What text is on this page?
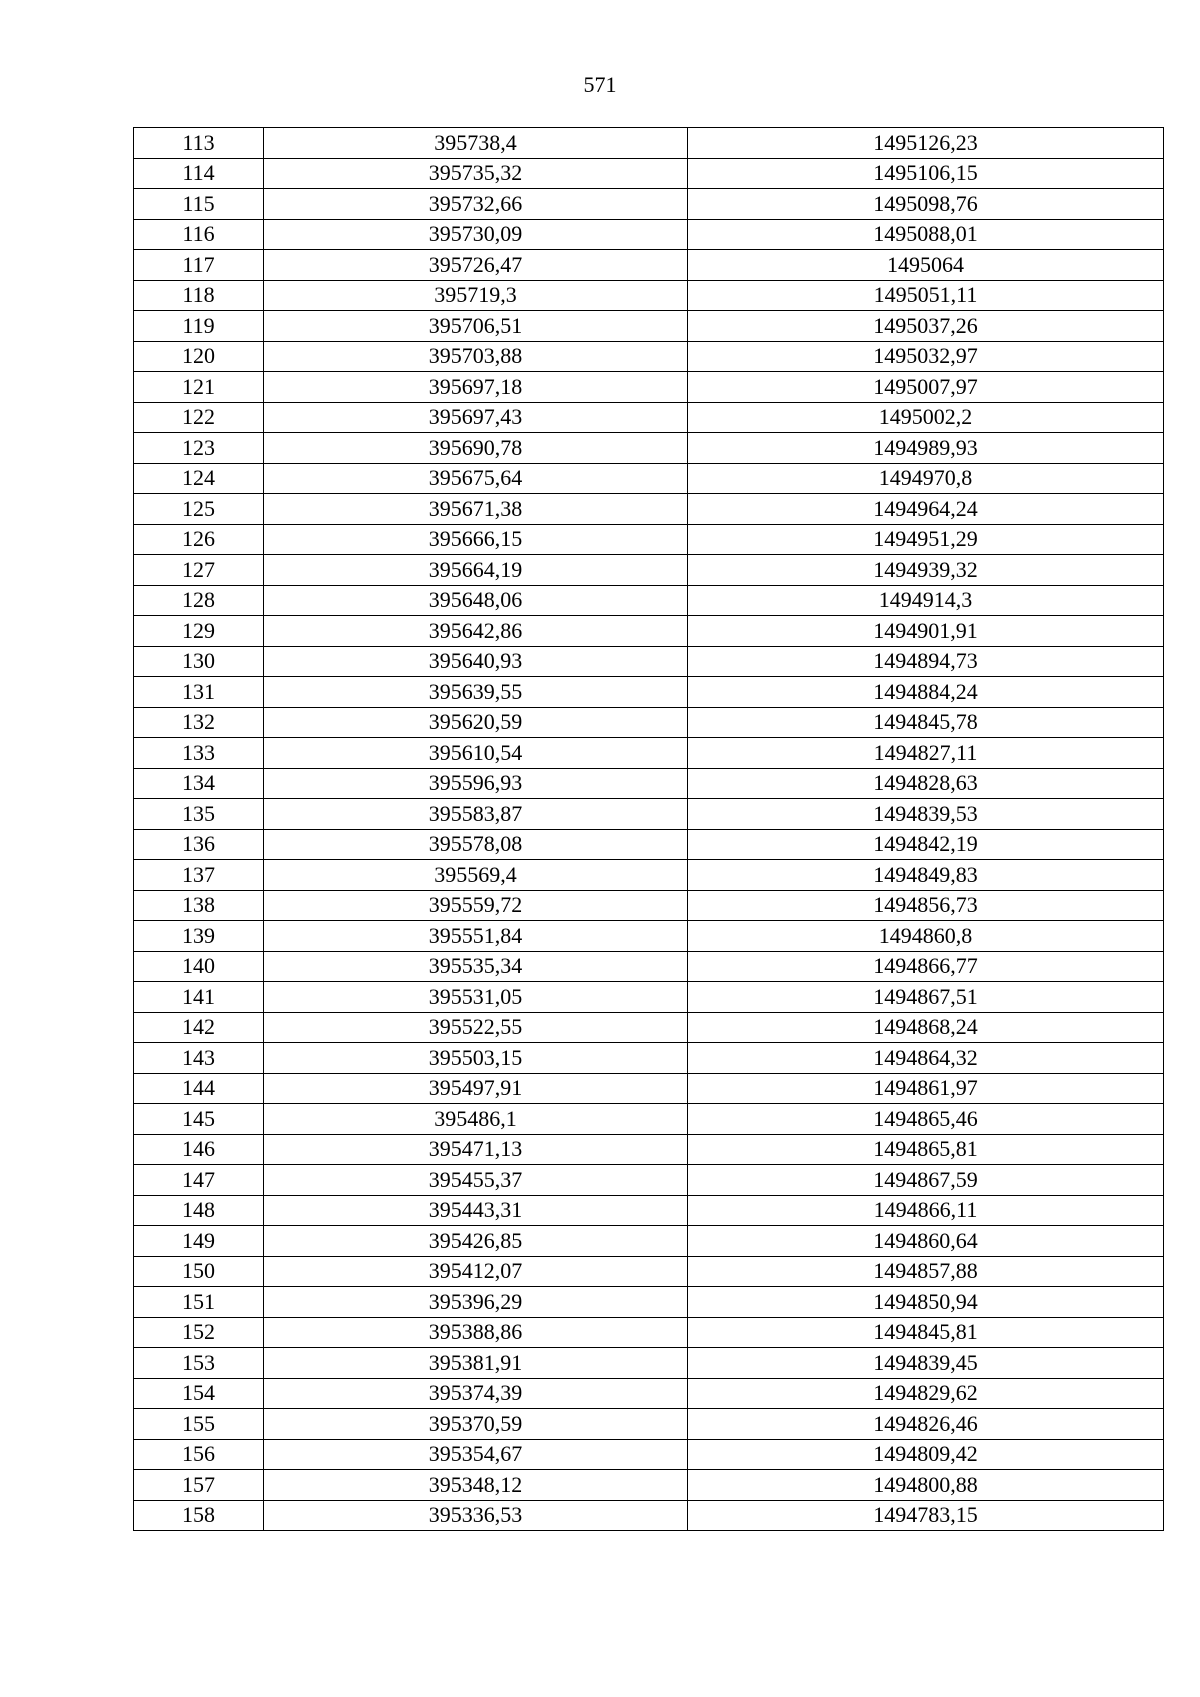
571
113	395738,4	1495126,23
114	395735,32	1495106,15
115	395732,66	1495098,76
116	395730,09	1495088,01
117	395726,47	1495064
118	395719,3	1495051,11
119	395706,51	1495037,26
120	395703,88	1495032,97
121	395697,18	1495007,97
122	395697,43	1495002,2
123	395690,78	1494989,93
124	395675,64	1494970,8
125	395671,38	1494964,24
126	395666,15	1494951,29
127	395664,19	1494939,32
128	395648,06	1494914,3
129	395642,86	1494901,91
130	395640,93	1494894,73
131	395639,55	1494884,24
132	395620,59	1494845,78
133	395610,54	1494827,11
134	395596,93	1494828,63
135	395583,87	1494839,53
136	395578,08	1494842,19
137	395569,4	1494849,83
138	395559,72	1494856,73
139	395551,84	1494860,8
140	395535,34	1494866,77
141	395531,05	1494867,51
142	395522,55	1494868,24
143	395503,15	1494864,32
144	395497,91	1494861,97
145	395486,1	1494865,46
146	395471,13	1494865,81
147	395455,37	1494867,59
148	395443,31	1494866,11
149	395426,85	1494860,64
150	395412,07	1494857,88
151	395396,29	1494850,94
152	395388,86	1494845,81
153	395381,91	1494839,45
154	395374,39	1494829,62
155	395370,59	1494826,46
156	395354,67	1494809,42
157	395348,12	1494800,88
158	395336,53	1494783,15
